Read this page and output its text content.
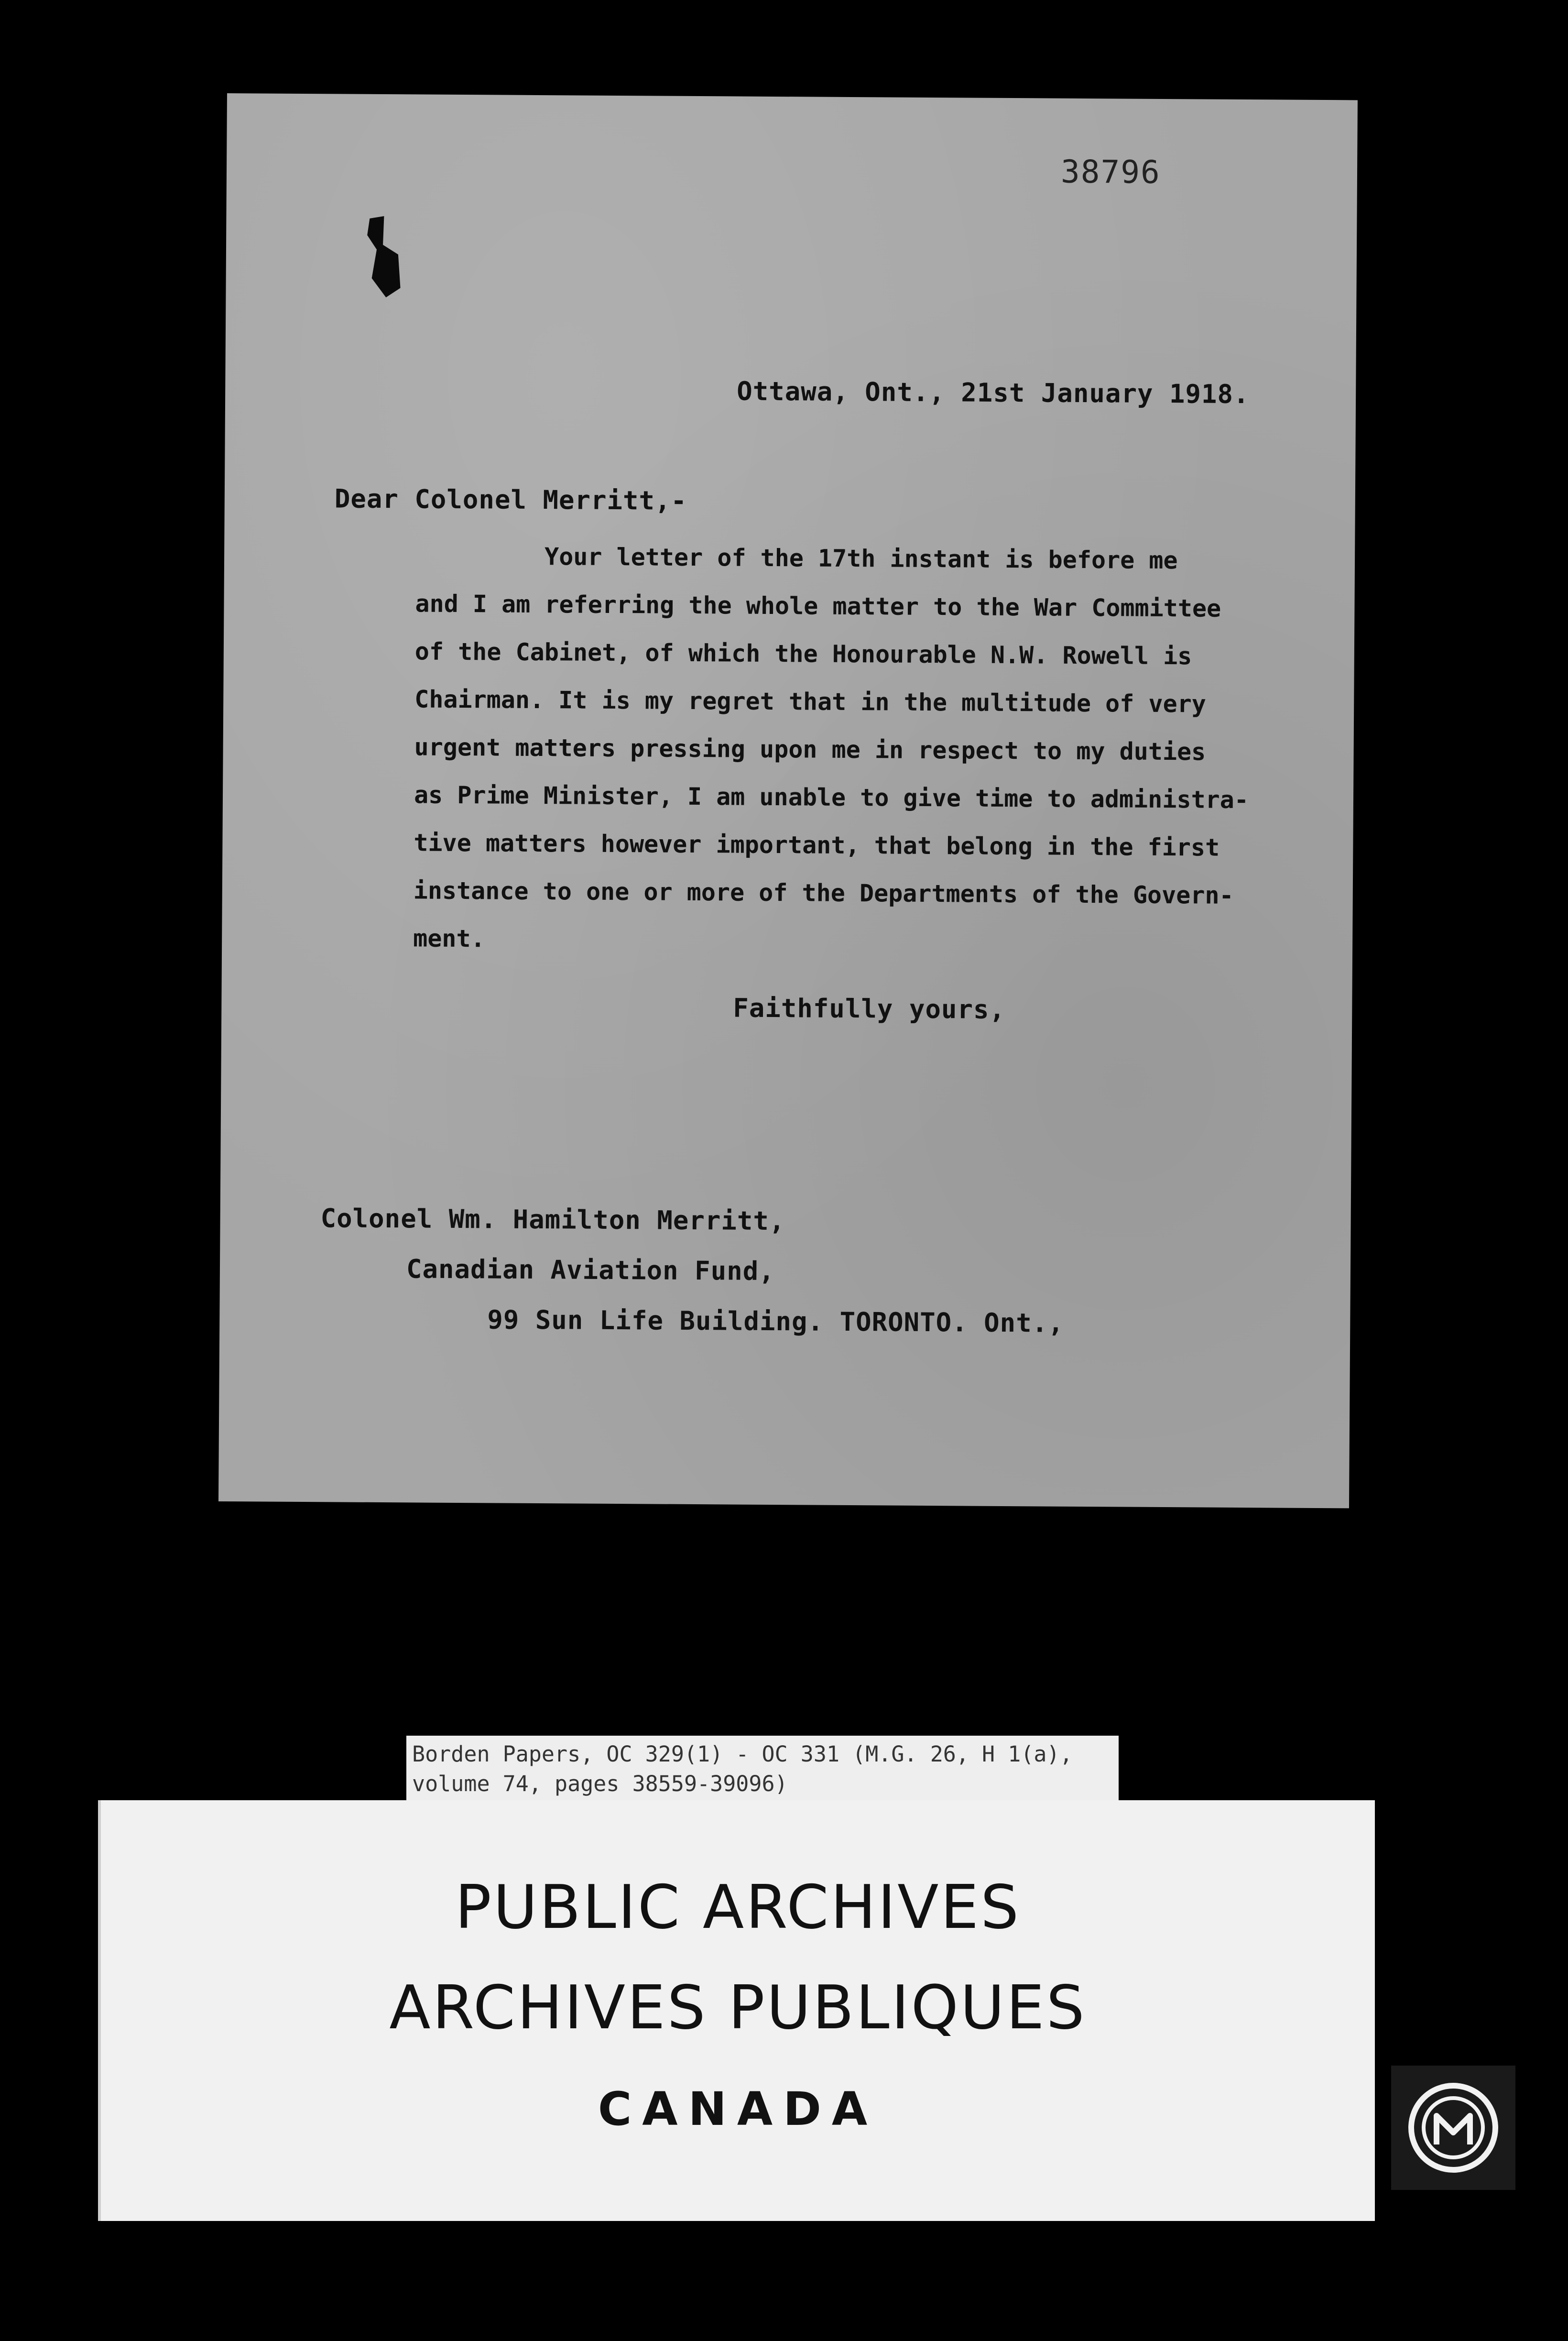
38796
Ottawa, Ont., 21st January 1918.
Dear Colonel Merritt,-
Your letter of the 17th instant is before me
and I am referring the whole matter to the War Committee
of the Cabinet, of which the Honourable N.W. Rowell is
Chairman. It is my regret that in the multitude of very
urgent matters pressing upon me in respect to my duties
as Prime Minister, I am unable to give time to administra-
tive matters however important, that belong in the first
instance to one or more of the Departments of the Govern-
ment.
Faithfully yours,
Colonel Wm. Hamilton Merritt,
Canadian Aviation Fund,
99 Sun Life Building. TORONTO. Ont.,
Borden Papers, OC 329(1) - OC 331 (M.G. 26, H 1(a),
volume 74, pages 38559-39096)
PUBLIC ARCHIVES
ARCHIVES PUBLIQUES
CANADA
